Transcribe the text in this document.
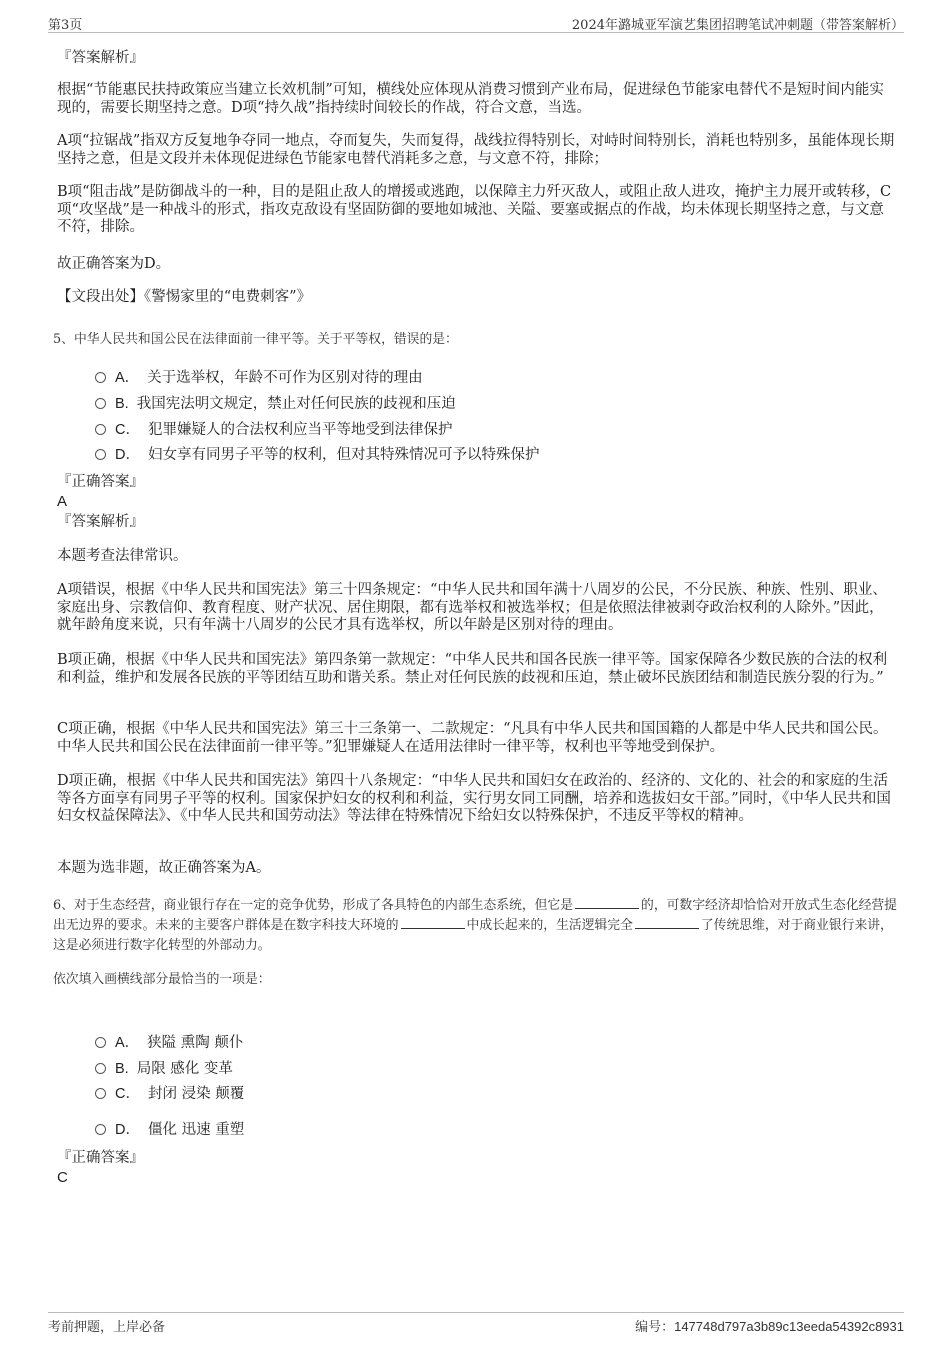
第3页	2024年潞城亚军演艺集团招聘笔试冲刺题（带答案解析）

『答案解析』

根据“节能惠民扶持政策应当建立长效机制”可知，横线处应体现从消费习惯到产业布局，促进绿色节能家电替代不是短时间内能实现的，需要长期坚持之意。D项“持久战”指持续时间较长的作战，符合文意，当选。

A项“拉锯战”指双方反复地争夺同一地点，夺而复失，失而复得，战线拉得特别长，对峙时间特别长，消耗也特别多，虽能体现长期坚持之意，但是文段并未体现促进绿色节能家电替代消耗多之意，与文意不符，排除；

B项“阻击战”是防御战斗的一种，目的是阻止敌人的增援或逃跑，以保障主力歼灭敌人，或阻止敌人进攻，掩护主力展开或转移，C项“攻坚战”是一种战斗的形式，指攻克敌设有坚固防御的要地如城池、关隘、要塞或据点的作战，均未体现长期坚持之意，与文意不符，排除。

故正确答案为D。

【文段出处】《警惕家里的“电费刺客”》

5、中华人民共和国公民在法律面前一律平等。关于平等权，错误的是：

A． 关于选举权，年龄不可作为区别对待的理由
B. 我国宪法明文规定，禁止对任何民族的歧视和压迫
C． 犯罪嫌疑人的合法权利应当平等地受到法律保护
D． 妇女享有同男子平等的权利，但对其特殊情况可予以特殊保护

『正确答案』

A

『答案解析』

本题考查法律常识。

A项错误，根据《中华人民共和国宪法》第三十四条规定：“中华人民共和国年满十八周岁的公民，不分民族、种族、性别、职业、家庭出身、宗教信仰、教育程度、财产状况、居住期限，都有选举权和被选举权；但是依照法律被剥夺政治权利的人除外。”因此，就年龄角度来说，只有年满十八周岁的公民才具有选举权，所以年龄是区别对待的理由。

B项正确，根据《中华人民共和国宪法》第四条第一款规定：“中华人民共和国各民族一律平等。国家保障各少数民族的合法的权利和利益，维护和发展各民族的平等团结互助和谐关系。禁止对任何民族的歧视和压迫，禁止破坏民族团结和制造民族分裂的行为。”

C项正确，根据《中华人民共和国宪法》第三十三条第一、二款规定：“凡具有中华人民共和国国籍的人都是中华人民共和国公民。中华人民共和国公民在法律面前一律平等。”犯罪嫌疑人在适用法律时一律平等，权利也平等地受到保护。

D项正确，根据《中华人民共和国宪法》第四十八条规定：“中华人民共和国妇女在政治的、经济的、文化的、社会的和家庭的生活等各方面享有同男子平等的权利。国家保护妇女的权利和利益，实行男女同工同酬，培养和选拔妇女干部。”同时，《中华人民共和国妇女权益保障法》、《中华人民共和国劳动法》等法律在特殊情况下给妇女以特殊保护，不违反平等权的精神。

本题为选非题，故正确答案为A。

6、对于生态经营，商业银行存在一定的竞争优势，形成了各具特色的内部生态系统，但它是	的，可数字经济却恰恰对开放式生态化经营提出无边界的要求。未来的主要客户群体是在数字科技大环境的	中成长起来的，生活逻辑完全	了传统思维，对于商业银行来讲，这是必须进行数字化转型的外部动力。

依次填入画横线部分最恰当的一项是：

A． 狭隘 熏陶 颠仆
B. 局限 感化 变革
C． 封闭 浸染 颠覆
D． 僵化 迅速 重塑

『正确答案』

C

考前押题，上岸必备	编号：147748d797a3b89c13eeda54392c8931
